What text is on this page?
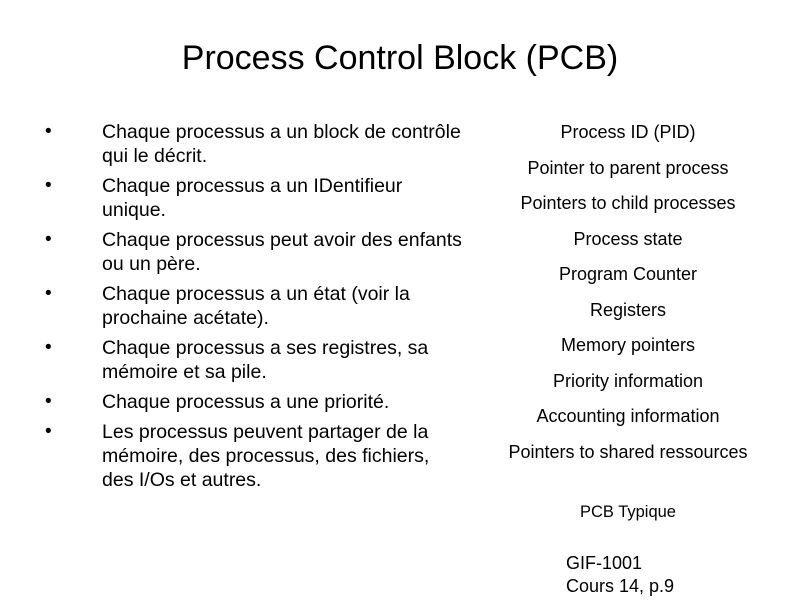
Process Control Block (PCB)
•	Chaque processus a un block de contrôle qui le décrit.
•	Chaque processus a un IDentifieur unique.
•	Chaque processus peut avoir des enfants ou un père.
•	Chaque processus a un état (voir la prochaine acétate).
•	Chaque processus a ses registres, sa mémoire et sa pile.
•	Chaque processus a une priorité.
•	Les processus peuvent partager de la mémoire, des processus, des fichiers, des I/Os et autres.
Process ID (PID)
Pointer to parent process
Pointers to child processes
Process state
Program Counter
Registers
Memory pointers
Priority information
Accounting information
Pointers to shared ressources
PCB Typique
GIF-1001
Cours 14, p.9
